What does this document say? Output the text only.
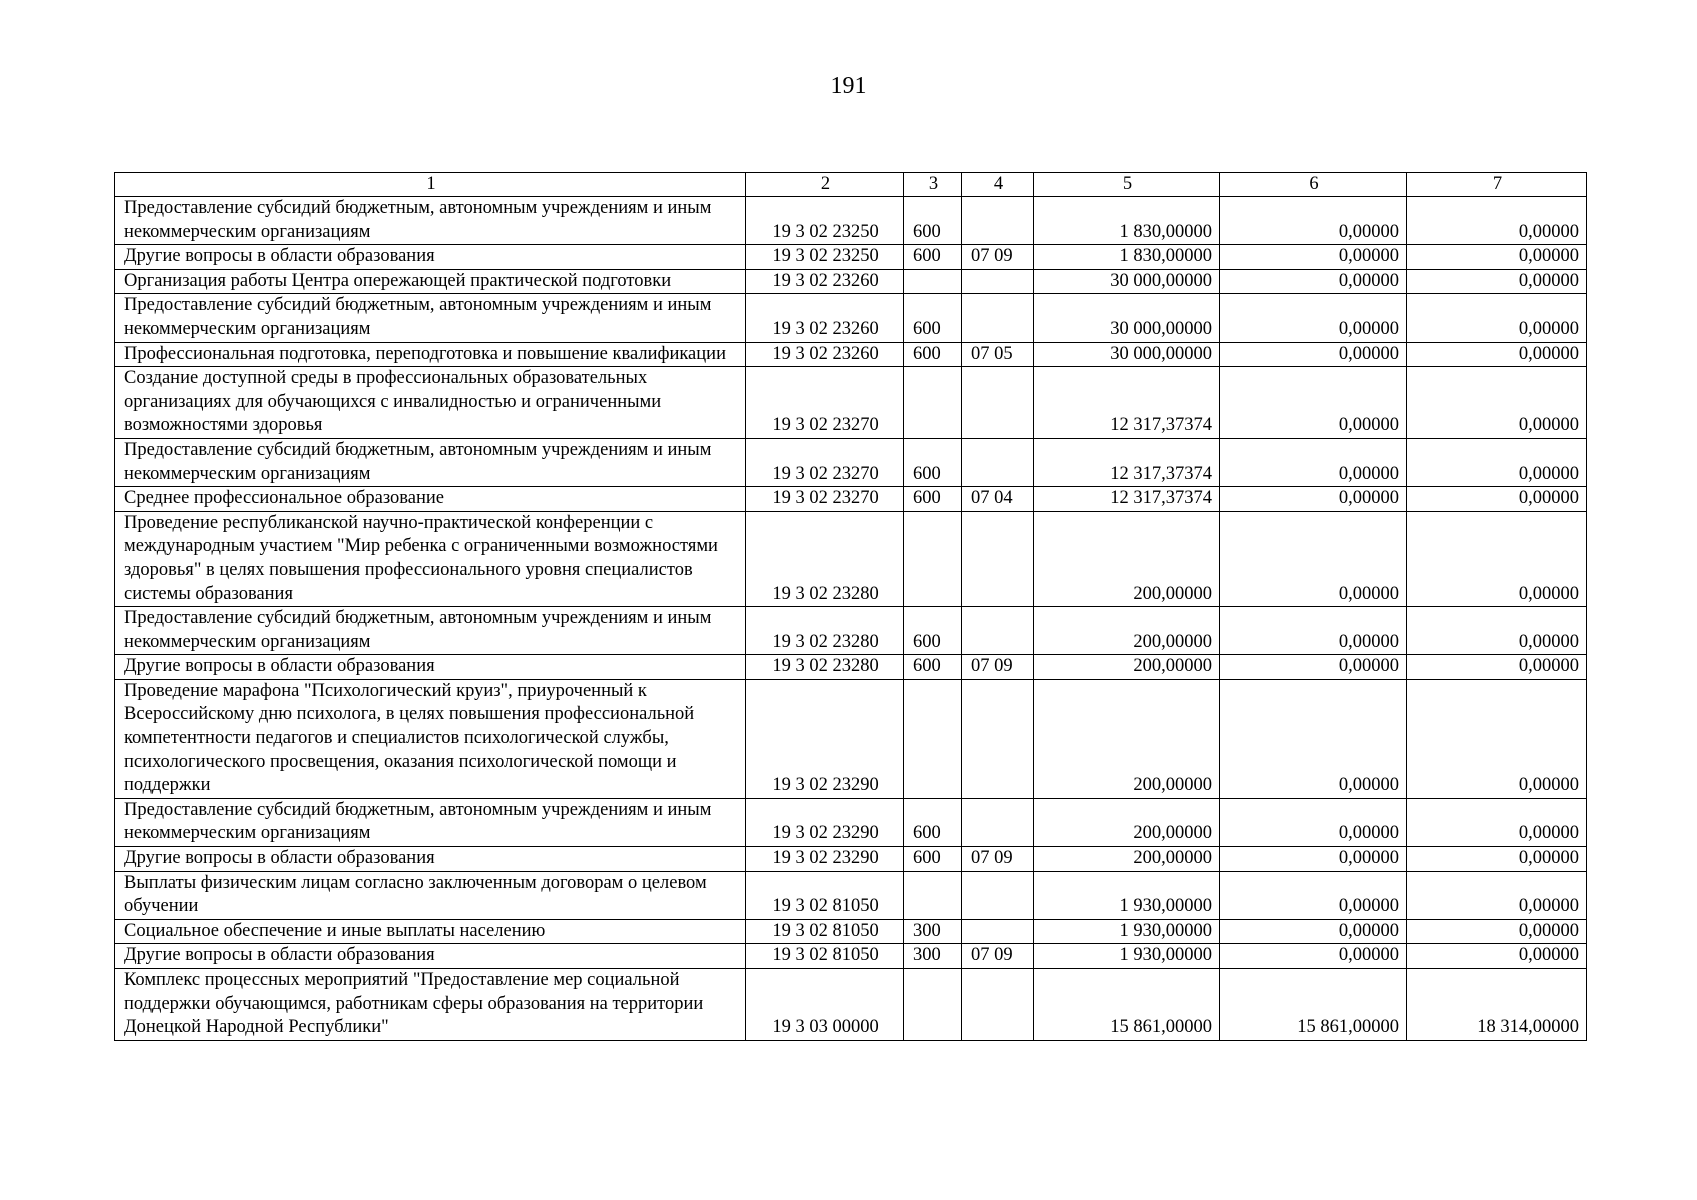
191
1	2	3	4	5	6	7
Предоставление субсидий бюджетным, автономным учреждениям и иным некоммерческим организациям	19 3 02 23250	600		1 830,00000	0,00000	0,00000
Другие вопросы в области образования	19 3 02 23250	600	07 09	1 830,00000	0,00000	0,00000
Организация работы Центра опережающей практической подготовки	19 3 02 23260			30 000,00000	0,00000	0,00000
Предоставление субсидий бюджетным, автономным учреждениям и иным некоммерческим организациям	19 3 02 23260	600		30 000,00000	0,00000	0,00000
Профессиональная подготовка, переподготовка и повышение квалификации	19 3 02 23260	600	07 05	30 000,00000	0,00000	0,00000
Создание доступной среды в профессиональных образовательных организациях для обучающихся с инвалидностью и ограниченными возможностями здоровья	19 3 02 23270			12 317,37374	0,00000	0,00000
Предоставление субсидий бюджетным, автономным учреждениям и иным некоммерческим организациям	19 3 02 23270	600		12 317,37374	0,00000	0,00000
Среднее профессиональное образование	19 3 02 23270	600	07 04	12 317,37374	0,00000	0,00000
Проведение республиканской научно-практической конференции с международным участием "Мир ребенка с ограниченными возможностями здоровья" в целях повышения профессионального уровня специалистов системы образования	19 3 02 23280			200,00000	0,00000	0,00000
Предоставление субсидий бюджетным, автономным учреждениям и иным некоммерческим организациям	19 3 02 23280	600		200,00000	0,00000	0,00000
Другие вопросы в области образования	19 3 02 23280	600	07 09	200,00000	0,00000	0,00000
Проведение марафона "Психологический круиз", приуроченный к Всероссийскому дню психолога, в целях повышения профессиональной компетентности педагогов и специалистов психологической службы, психологического просвещения, оказания психологической помощи и поддержки	19 3 02 23290			200,00000	0,00000	0,00000
Предоставление субсидий бюджетным, автономным учреждениям и иным некоммерческим организациям	19 3 02 23290	600		200,00000	0,00000	0,00000
Другие вопросы в области образования	19 3 02 23290	600	07 09	200,00000	0,00000	0,00000
Выплаты физическим лицам согласно заключенным договорам о целевом обучении	19 3 02 81050			1 930,00000	0,00000	0,00000
Социальное обеспечение и иные выплаты населению	19 3 02 81050	300		1 930,00000	0,00000	0,00000
Другие вопросы в области образования	19 3 02 81050	300	07 09	1 930,00000	0,00000	0,00000
Комплекс процессных мероприятий "Предоставление мер социальной поддержки обучающимся, работникам сферы образования на территории Донецкой Народной Республики"	19 3 03 00000			15 861,00000	15 861,00000	18 314,00000
